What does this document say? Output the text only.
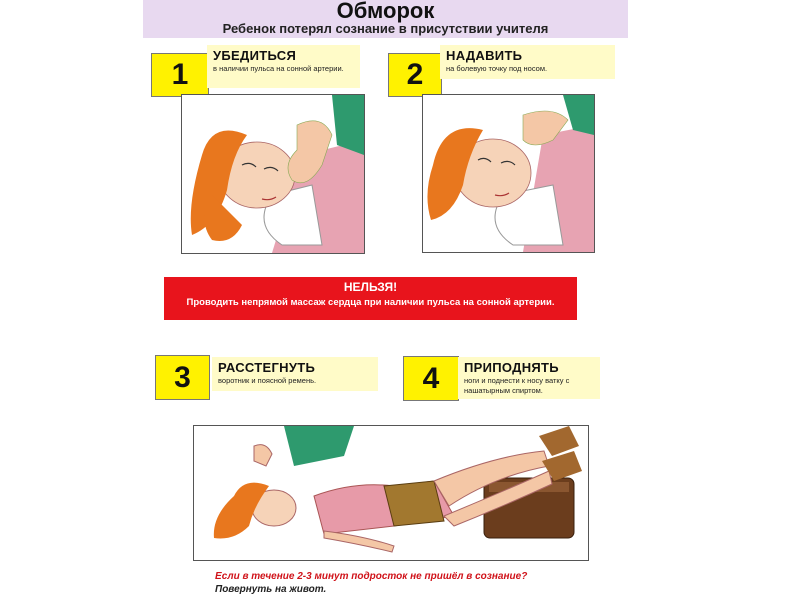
Обморок
Ребенок потерял сознание в присутствии учителя
1
УБЕДИТЬСЯ
в наличии пульса на сонной артерии.	2
НАДАВИТЬ
на болевую точку под носом.
НЕЛЬЗЯ!
Проводить непрямой массаж сердца при наличии пульса на сонной артерии.
3	РАССТЕГНУТЬ
воротник и поясной ремень.	4	ПРИПОДНЯТЬ
ноги и поднести к носу ватку с нашатырным спиртом.
Если в течение 2-3 минут подросток не пришёл в сознание?
Повернуть на живот.
